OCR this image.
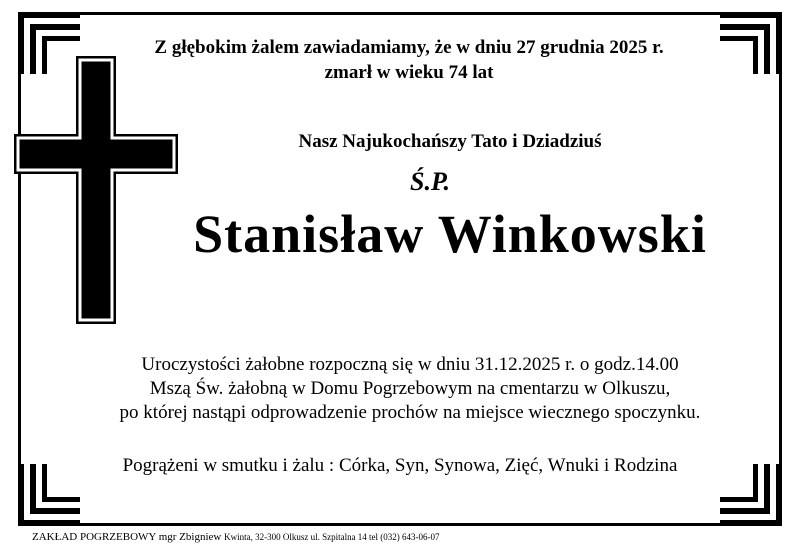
Z głębokim żalem zawiadamiamy, że w dniu 27 grudnia 2025 r.
zmarł w wieku 74 lat
Nasz Najukochańszy Tato i Dziadziuś
Ś.P.
Stanisław Winkowski
Uroczystości żałobne rozpoczną się w dniu 31.12.2025 r. o godz.14.00
Mszą Św. żałobną w Domu Pogrzebowym na cmentarzu w Olkuszu,
po której nastąpi odprowadzenie prochów na miejsce wiecznego spoczynku.
Pogrążeni w smutku i żalu : Córka, Syn, Synowa, Zięć, Wnuki i Rodzina
ZAKŁAD POGRZEBOWY mgr Zbigniew Kwinta, 32-300 Olkusz ul. Szpitalna 14 tel (032) 643-06-07
